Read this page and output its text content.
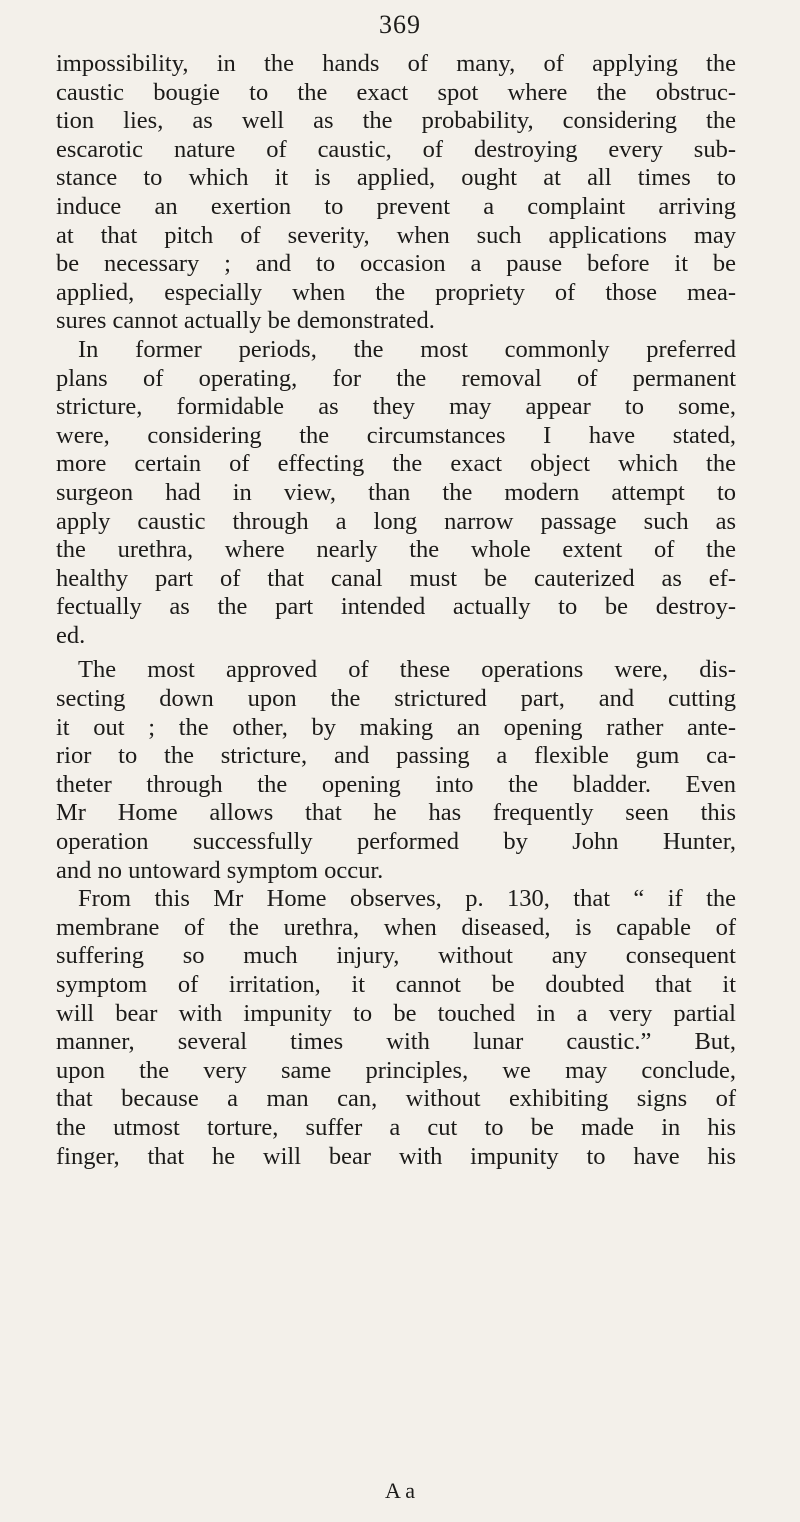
369
impossibility, in the hands of many, of applying the
caustic bougie to the exact spot where the obstruc-
tion lies, as well as the probability, considering the
escarotic nature of caustic, of destroying every sub-
stance to which it is applied, ought at all times to
induce an exertion to prevent a complaint arriving
at that pitch of severity, when such applications may
be necessary ; and to occasion a pause before it be
applied, especially when the propriety of those mea-
sures cannot actually be demonstrated.
In former periods, the most commonly preferred
plans of operating, for the removal of permanent
stricture, formidable as they may appear to some,
were, considering the circumstances I have stated,
more certain of effecting the exact object which the
surgeon had in view, than the modern attempt to
apply caustic through a long narrow passage such as
the urethra, where nearly the whole extent of the
healthy part of that canal must be cauterized as ef-
fectually as the part intended actually to be destroy-
ed.
The most approved of these operations were, dis-
secting down upon the strictured part, and cutting
it out ; the other, by making an opening rather ante-
rior to the stricture, and passing a flexible gum ca-
theter through the opening into the bladder. Even
Mr Home allows that he has frequently seen this
operation successfully performed by John Hunter,
and no untoward symptom occur.
From this Mr Home observes, p. 130, that “ if the
membrane of the urethra, when diseased, is capable of
suffering so much injury, without any consequent
symptom of irritation, it cannot be doubted that it
will bear with impunity to be touched in a very partial
manner, several times with lunar caustic.” But,
upon the very same principles, we may conclude,
that because a man can, without exhibiting signs of
the utmost torture, suffer a cut to be made in his
finger, that he will bear with impunity to have his
A a
